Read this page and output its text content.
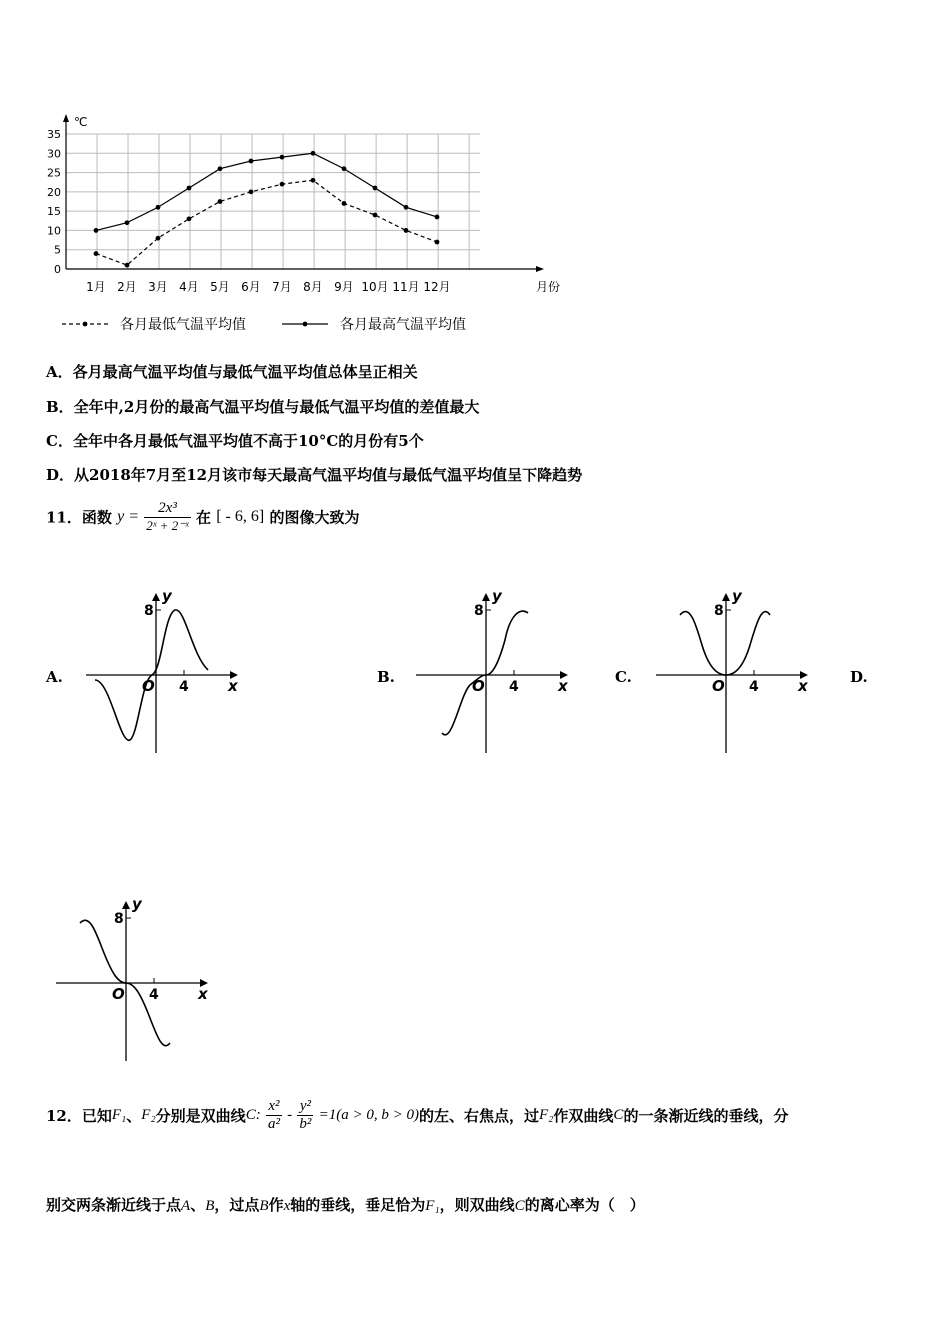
0
5
10
15
20
25
30
35
℃
月份
1月 2月 3月 4月 5月 6月 7月 8月 9月 10月 11月 12月
各月最低气温平均值	各月最高气温平均值
A．各月最高气温平均值与最低气温平均值总体呈正相关
B．全年中,2月份的最高气温平均值与最低气温平均值的差值最大
C．全年中各月最低气温平均值不高于10°C的月份有5个
D．从2018年7月至12月该市每天最高气温平均值与最低气温平均值呈下降趋势
11．函数 $y = \frac{\text{2x³}}{\text{2ˣ + 2⁻ˣ}}$ 在 [ - 6, 6] 的图像大致为
A.	B.	C.	D.
y
x
O 4
8
y
x
O 4
8
y
x
O 4
8
y
x
O 4
8
12．已知F₁、F₂分别是双曲线C: $\frac{\text{x²}}{\text{a²}} - \frac{\text{y²}}{\text{b²}} =1(a > 0$, b > 0)的左、右焦点，过F₂作双曲线C的一条渐近线的垂线，分
别交两条渐近线于点A、B，过点B作x轴的垂线，垂足恰为F₁，则双曲线C的离心率为（　）
